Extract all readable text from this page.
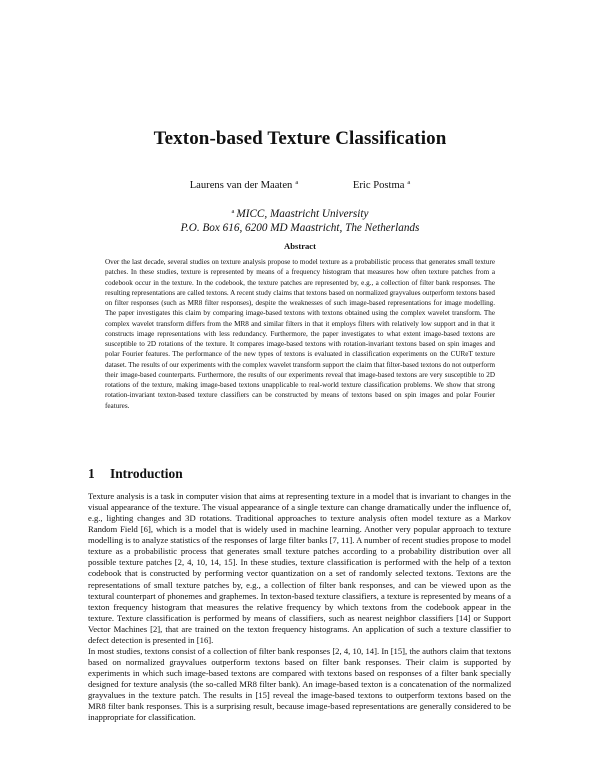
Texton-based Texture Classification
Laurens van der Maaten $^a$	Eric Postma $^a$
$^a$ MICC, Maastricht University
P.O. Box 616, 6200 MD Maastricht, The Netherlands
Abstract
Over the last decade, several studies on texture analysis propose to model texture as a probabilistic process that generates small texture patches. In these studies, texture is represented by means of a frequency histogram that measures how often texture patches from a codebook occur in the texture. In the codebook, the texture patches are represented by, e.g., a collection of filter bank responses. The resulting representations are called textons. A recent study claims that textons based on normalized grayvalues outperform textons based on filter responses (such as MR8 filter responses), despite the weaknesses of such image-based representations for image modelling. The paper investigates this claim by comparing image-based textons with textons obtained using the complex wavelet transform. The complex wavelet transform differs from the MR8 and similar filters in that it employs filters with relatively low support and in that it constructs image representations with less redundancy. Furthermore, the paper investigates to what extent image-based textons are susceptible to 2D rotations of the texture. It compares image-based textons with rotation-invariant textons based on spin images and polar Fourier features. The performance of the new types of textons is evaluated in classification experiments on the CUReT texture dataset. The results of our experiments with the complex wavelet transform support the claim that filter-based textons do not outperform their image-based counterparts. Furthermore, the results of our experiments reveal that image-based textons are very susceptible to 2D rotations of the texture, making image-based textons unapplicable to real-world texture classification problems. We show that strong rotation-invariant texton-based texture classifiers can be constructed by means of textons based on spin images and polar Fourier features.
1 Introduction

Texture analysis is a task in computer vision that aims at representing texture in a model that is invariant to changes in the visual appearance of the texture. The visual appearance of a single texture can change dramatically under the influence of, e.g., lighting changes and 3D rotations. Traditional approaches to texture analysis often model texture as a Markov Random Field [6], which is a model that is widely used in machine learning. Another very popular approach to texture modelling is to analyze statistics of the responses of large filter banks [7, 11]. A number of recent studies propose to model texture as a probabilistic process that generates small texture patches according to a probability distribution over all possible texture patches [2, 4, 10, 14, 15]. In these studies, texture classification is performed with the help of a texton codebook that is constructed by performing vector quantization on a set of randomly selected textons. Textons are the representations of small texture patches by, e.g., a collection of filter bank responses, and can be viewed upon as the textural counterpart of phonemes and graphemes. In texton-based texture classifiers, a texture is represented by means of a texton frequency histogram that measures the relative frequency by which textons from the codebook appear in the texture. Texture classification is performed by means of classifiers, such as nearest neighbor classifiers [14] or Support Vector Machines [2], that are trained on the texton frequency histograms. An application of such a texture classifier to defect detection is presented in [16].

In most studies, textons consist of a collection of filter bank responses [2, 4, 10, 14]. In [15], the authors claim that textons based on normalized grayvalues outperform textons based on filter bank responses. Their claim is supported by experiments in which such image-based textons are compared with textons based on responses of a filter bank specially designed for texture analysis (the so-called MR8 filter bank). An image-based texton is a concatenation of the normalized grayvalues in the texture patch. The results in [15] reveal the image-based textons to outperform textons based on the MR8 filter bank responses. This is a surprising result, because image-based representations are generally considered to be inappropriate for classification.
